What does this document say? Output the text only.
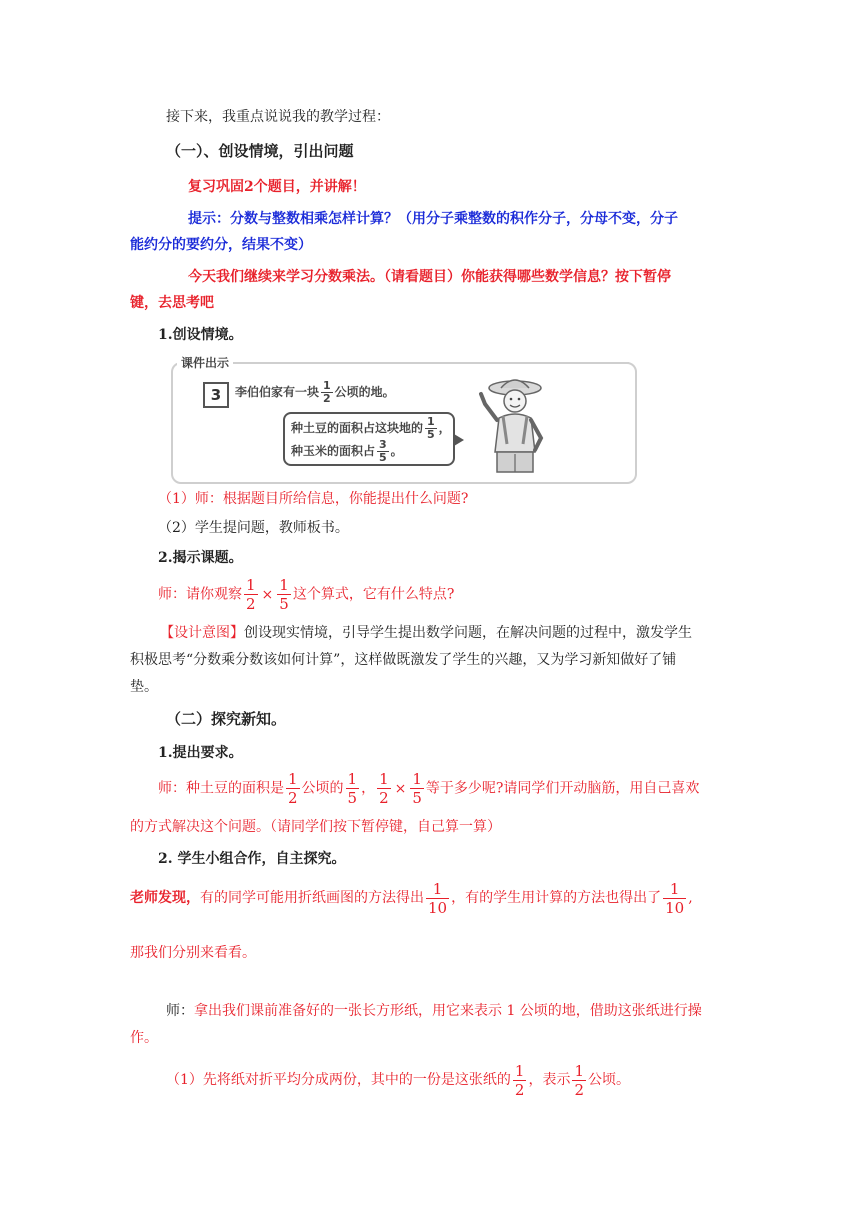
接下来，我重点说说我的教学过程：
（一）、创设情境，引出问题
复习巩固2个题目，并讲解！
提示：分数与整数相乘怎样计算？（用分子乘整数的积作分子，分母不变，分子
能约分的要约分，结果不变）
今天我们继续来学习分数乘法。（请看题目）你能获得哪些数学信息？按下暂停
键，去思考吧
1.创设情境。
课件出示
3	李伯伯家有一块 $\frac{1}{2}$ 公顷的地。
种土豆的面积占这块地的 $\frac{1}{5}$ ，
种玉米的面积占 $\frac{3}{5}$ 。
（1）师：根据题目所给信息，你能提出什么问题?
（2）学生提问题，教师板书。
2.揭示课题。
师：请你观察 $\frac{1}{2} \times \frac{1}{5}$ 这个算式，它有什么特点?
【设计意图】创设现实情境，引导学生提出数学问题，在解决问题的过程中，激发学生
积极思考“分数乘分数该如何计算”，这样做既激发了学生的兴趣，又为学习新知做好了铺
垫。
（二）探究新知。
1.提出要求。
师：种土豆的面积是 $\frac{1}{2}$ 公顷的 $\frac{1}{5}$ ， $\frac{1}{2} \times \frac{1}{5}$ 等于多少呢?请同学们开动脑筋，用自己喜欢
的方式解决这个问题。（请同学们按下暂停键，自己算一算）
2. 学生小组合作，自主探究。
老师发现，有的同学可能用折纸画图的方法得出 $\frac{1}{10}$ ，有的学生用计算的方法也得出了 $\frac{1}{10}$ ,
那我们分别来看看。
师：拿出我们课前准备好的一张长方形纸，用它来表示 1 公顷的地，借助这张纸进行操
作。
（1）先将纸对折平均分成两份，其中的一份是这张纸的 $\frac{1}{2}$ ，表示 $\frac{1}{2}$ 公顷。
